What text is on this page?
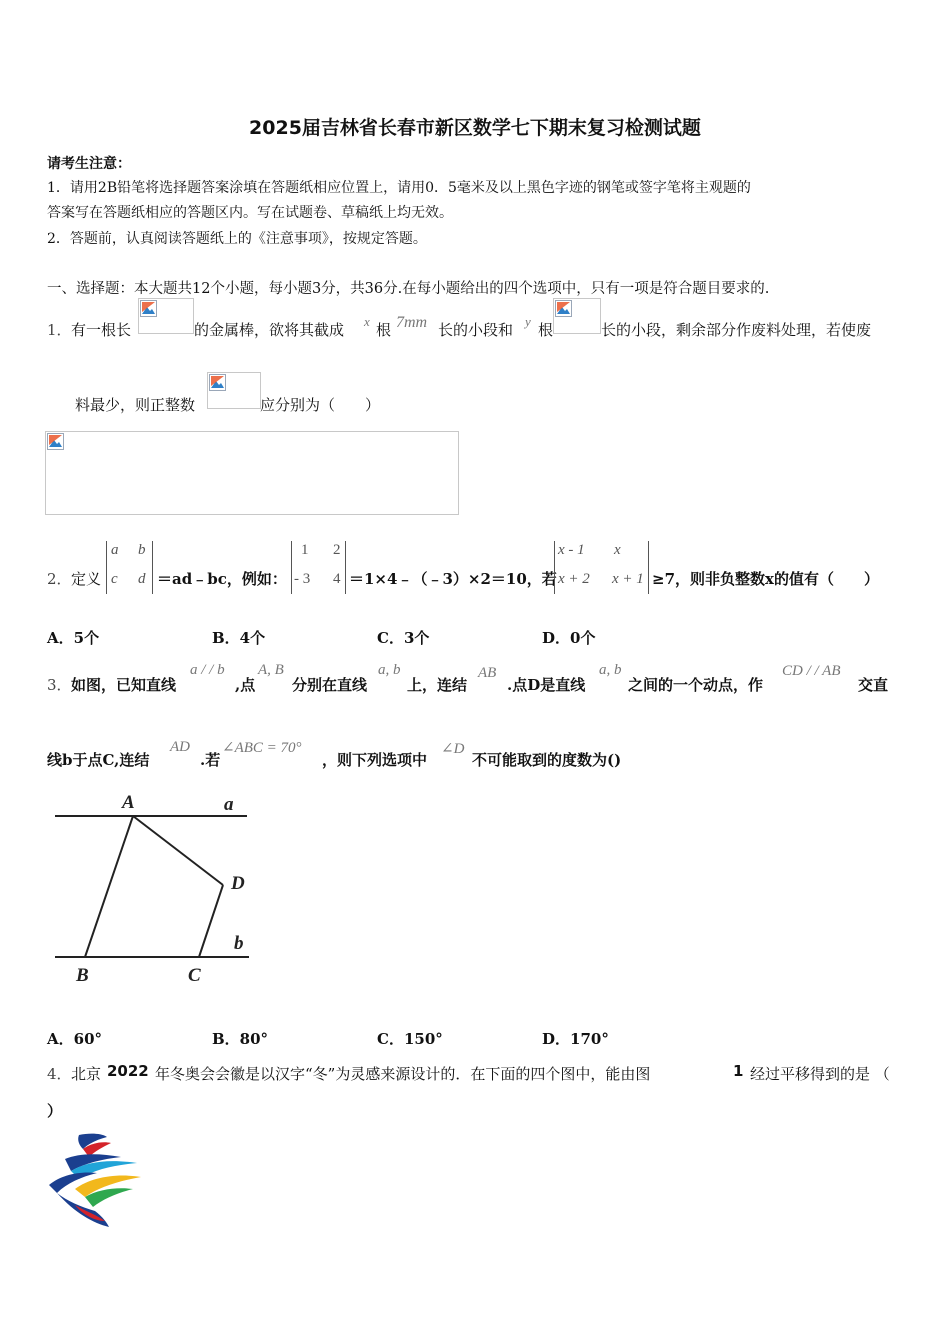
2025届吉林省长春市新区数学七下期末复习检测试题
请考生注意：
1．请用2B铅笔将选择题答案涂填在答题纸相应位置上，请用0．5毫米及以上黑色字迹的钢笔或签字笔将主观题的
答案写在答题纸相应的答题区内。写在试题卷、草稿纸上均无效。
2．答题前，认真阅读答题纸上的《注意事项》，按规定答题。
一、选择题：本大题共12个小题，每小题3分，共36分.在每小题给出的四个选项中，只有一项是符合题目要求的.
1． 有一根长	的金属棒，欲将其截成 x 根 7mm 长的小段和 y 根	长的小段，剩余部分作废料处理，若使废
料最少，则正整数	应分别为（　　）
2． 定义
a b
c d ＝ad﹣bc，例如：
1 2
- 3 4 ＝1×4﹣（﹣3）×2＝10，若
x - 1 x
x + 2 x + 1 ≥7，则非负整数x的值有（　　）
A．5个	B．4个	C．3个	D．0个
3． 如图，已知直线
a / / b
,点
A, B
分别在直线
a, b
上，连结
AB
.点D是直线
a, b
之间的一个动点，作
CD / / AB
交直
线b于点C,连结
AD
.若
∠ABC = 70°
，则下列选项中
∠D
不可能取到的度数为()
A	a
D
b
B	C
A．60°	B．80°	C．150°	D．170°
4． 北京 2022 年冬奥会会徽是以汉字“冬”为灵感来源设计的．在下面的四个图中，能由图	1 经过平移得到的是 （
）
